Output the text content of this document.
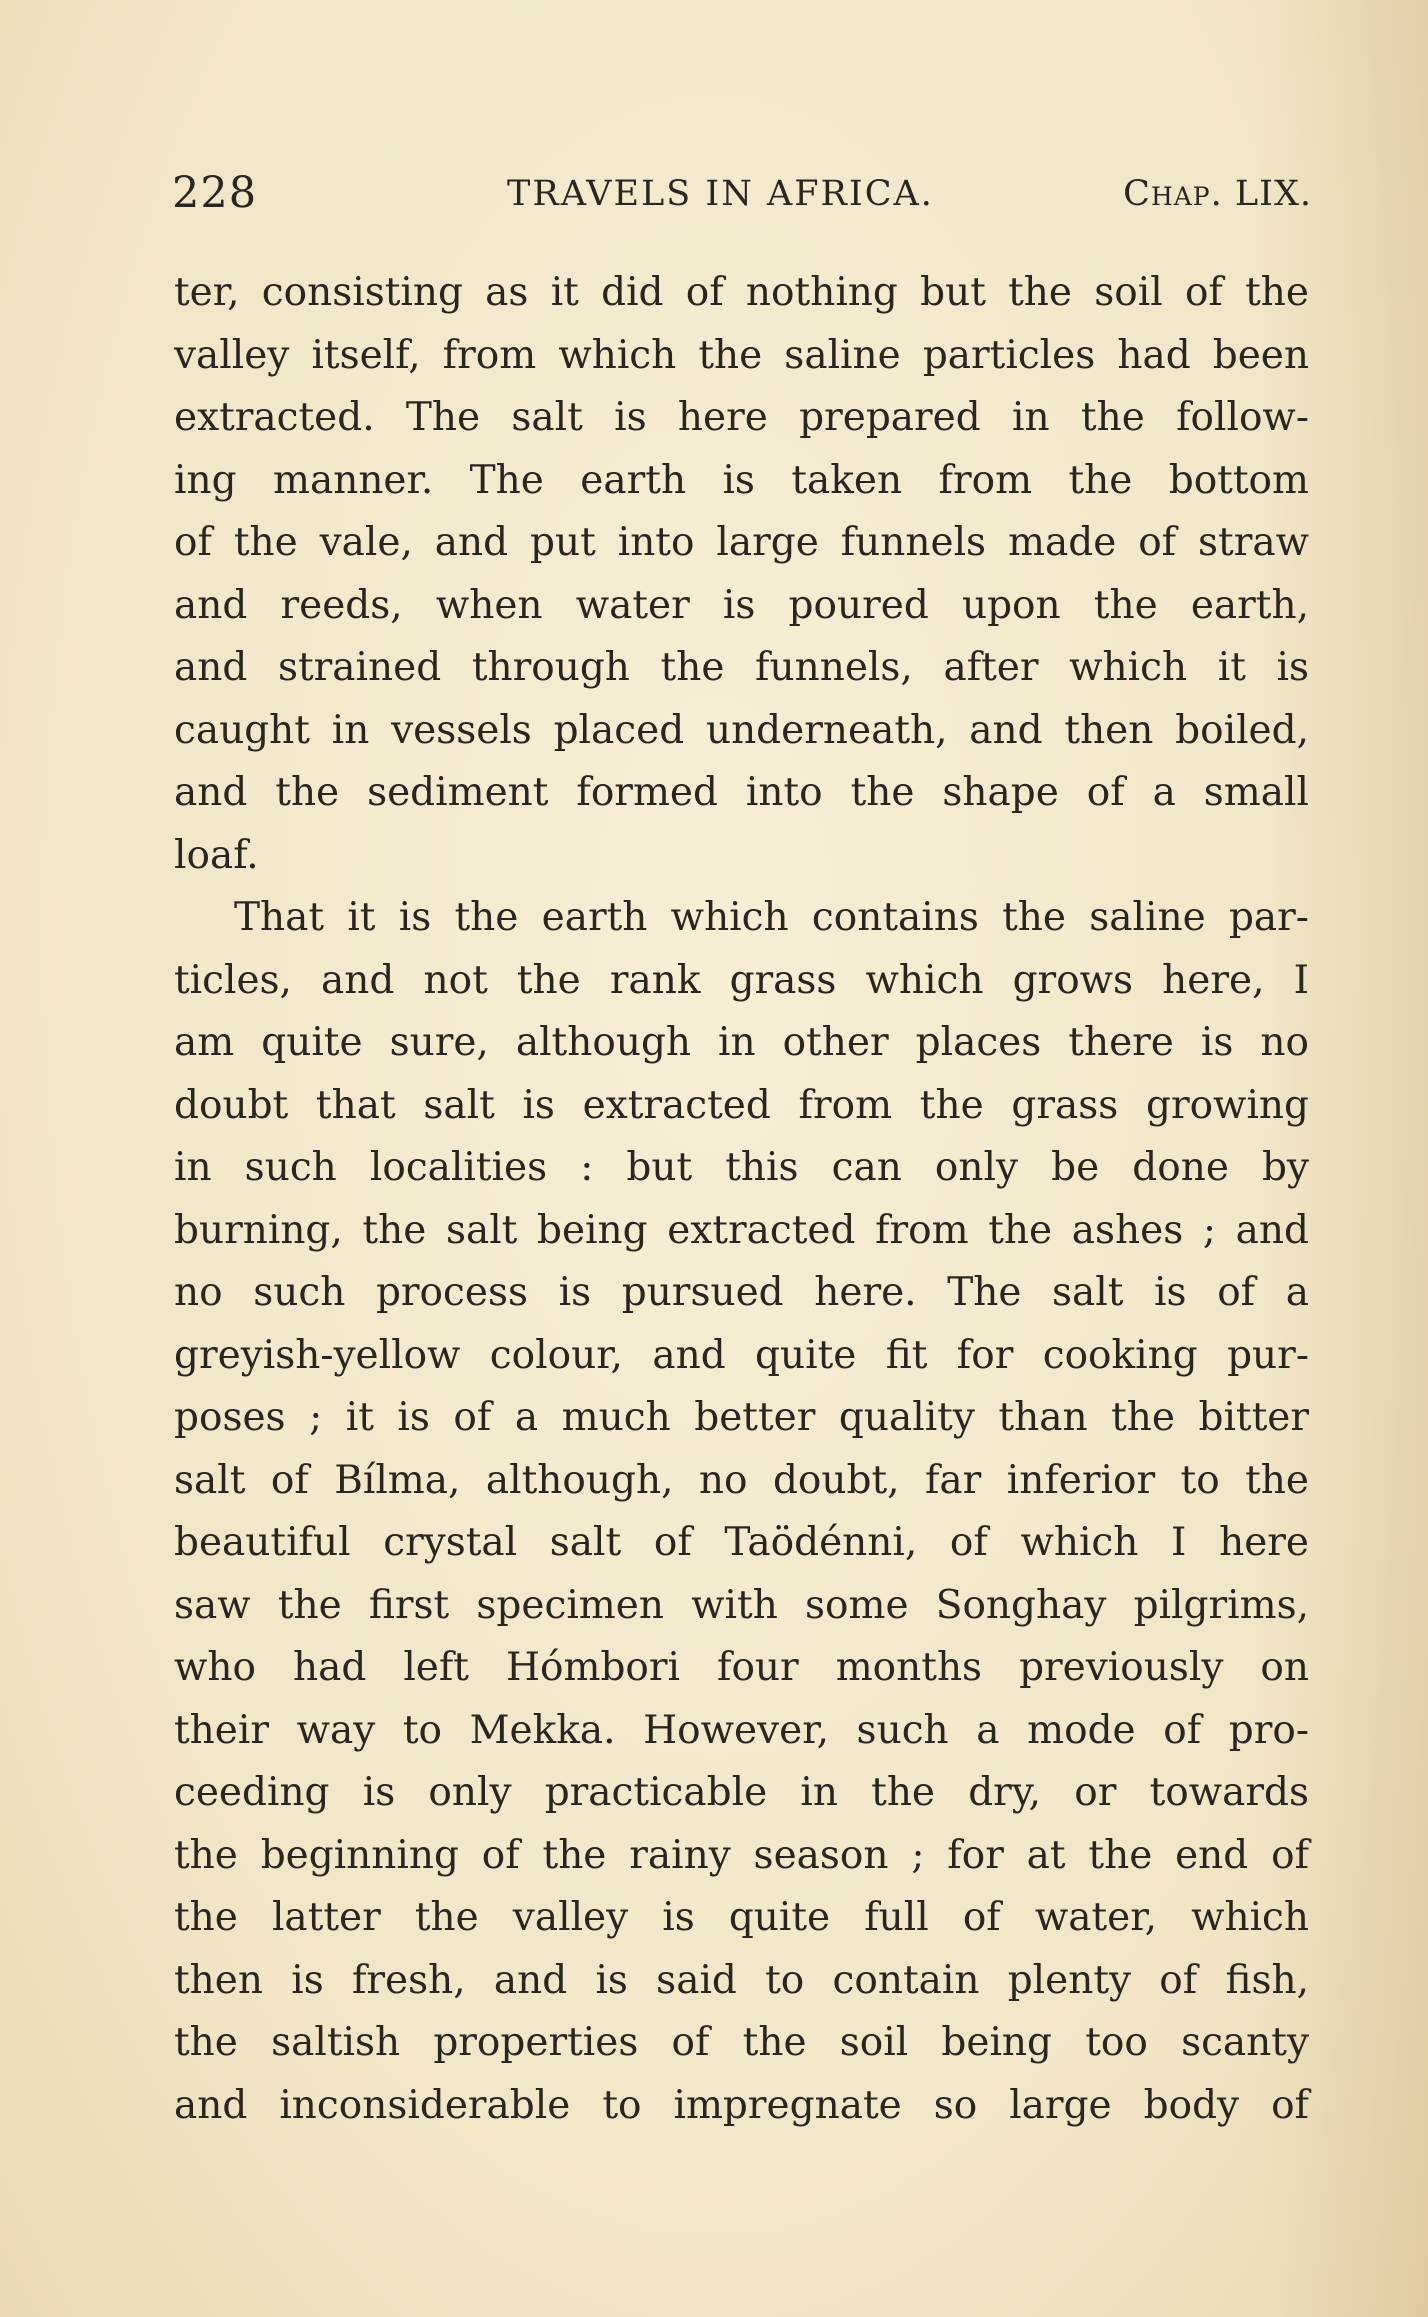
228	TRAVELS IN AFRICA.	Chap. LIX.
ter, consisting as it did of nothing but the soil of the
valley itself, from which the saline particles had been
extracted. The salt is here prepared in the follow-
ing manner. The earth is taken from the bottom
of the vale, and put into large funnels made of straw
and reeds, when water is poured upon the earth,
and strained through the funnels, after which it is
caught in vessels placed underneath, and then boiled,
and the sediment formed into the shape of a small
loaf.
That it is the earth which contains the saline par-
ticles, and not the rank grass which grows here, I
am quite sure, although in other places there is no
doubt that salt is extracted from the grass growing
in such localities : but this can only be done by
burning, the salt being extracted from the ashes ; and
no such process is pursued here. The salt is of a
greyish-yellow colour, and quite fit for cooking pur-
poses ; it is of a much better quality than the bitter
salt of Bílma, although, no doubt, far inferior to the
beautiful crystal salt of Taödénni, of which I here
saw the first specimen with some Songhay pilgrims,
who had left Hómbori four months previously on
their way to Mekka. However, such a mode of pro-
ceeding is only practicable in the dry, or towards
the beginning of the rainy season ; for at the end of
the latter the valley is quite full of water, which
then is fresh, and is said to contain plenty of fish,
the saltish properties of the soil being too scanty
and inconsiderable to impregnate so large body of
